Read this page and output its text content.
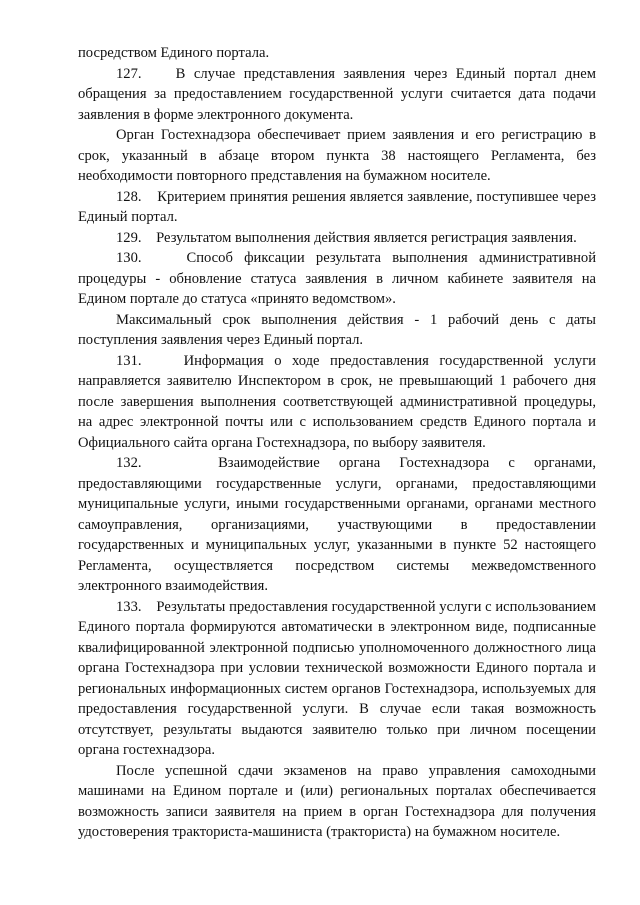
посредством Единого портала.

127.    В случае представления заявления через Единый портал днем обращения за предоставлением государственной услуги считается дата подачи заявления в форме электронного документа.

Орган Гостехнадзора обеспечивает прием заявления и его регистрацию в срок, указанный в абзаце втором пункта 38 настоящего Регламента, без необходимости повторного представления на бумажном носителе.

128.    Критерием принятия решения является заявление, поступившее через Единый портал.

129.    Результатом выполнения действия является регистрация заявления.

130.    Способ фиксации результата выполнения административной процедуры - обновление статуса заявления в личном кабинете заявителя на Едином портале до статуса «принято ведомством».

Максимальный срок выполнения действия - 1 рабочий день с даты поступления заявления через Единый портал.

131.    Информация о ходе предоставления государственной услуги направляется заявителю Инспектором в срок, не превышающий 1 рабочего дня после завершения выполнения соответствующей административной процедуры, на адрес электронной почты или с использованием средств Единого портала и Официального сайта органа Гостехнадзора, по выбору заявителя.

132.    Взаимодействие органа Гостехнадзора с органами, предоставляющими государственные услуги, органами, предоставляющими муниципальные услуги, иными государственными органами, органами местного самоуправления, организациями, участвующими в предоставлении государственных и муниципальных услуг, указанными в пункте 52 настоящего Регламента, осуществляется посредством системы межведомственного электронного взаимодействия.

133.    Результаты предоставления государственной услуги с использованием Единого портала формируются автоматически в электронном виде, подписанные квалифицированной электронной подписью уполномоченного должностного лица органа Гостехнадзора при условии технической возможности Единого портала и региональных информационных систем органов Гостехнадзора, используемых для предоставления государственной услуги. В случае если такая возможность отсутствует, результаты выдаются заявителю только при личном посещении органа гостехнадзора.

После успешной сдачи экзаменов на право управления самоходными машинами на Едином портале и (или) региональных порталах обеспечивается возможность записи заявителя на прием в орган Гостехнадзора для получения удостоверения тракториста-машиниста (тракториста) на бумажном носителе.
